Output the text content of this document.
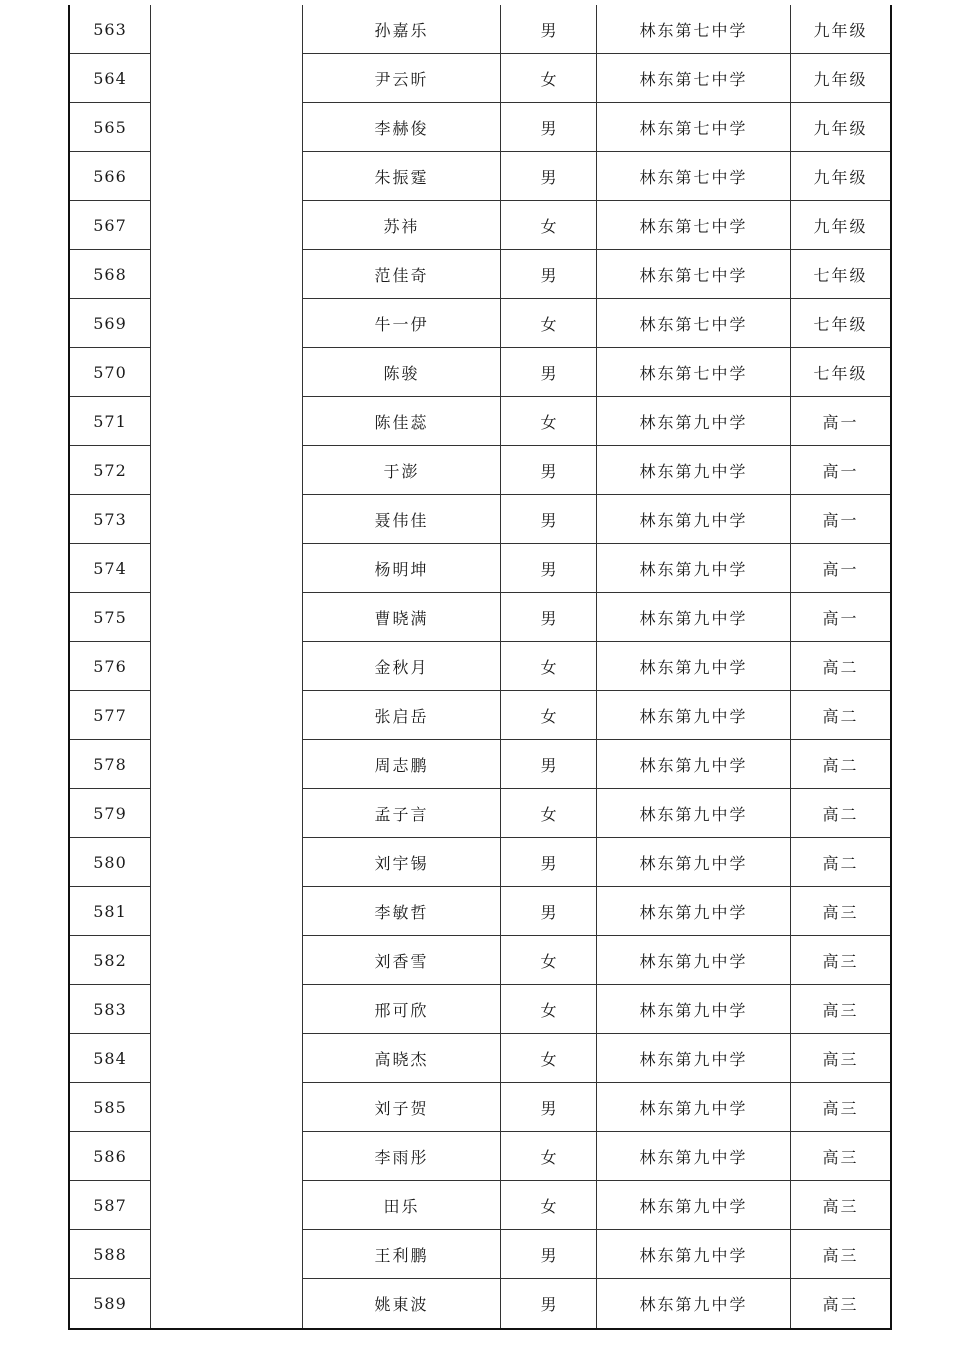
563		孙嘉乐	男	林东第七中学	九年级
564		尹云昕	女	林东第七中学	九年级
565		李赫俊	男	林东第七中学	九年级
566		朱振霆	男	林东第七中学	九年级
567		苏祎	女	林东第七中学	九年级
568		范佳奇	男	林东第七中学	七年级
569		牛一伊	女	林东第七中学	七年级
570		陈骏	男	林东第七中学	七年级
571		陈佳蕊	女	林东第九中学	高一
572		于澎	男	林东第九中学	高一
573		聂伟佳	男	林东第九中学	高一
574		杨明坤	男	林东第九中学	高一
575		曹晓满	男	林东第九中学	高一
576		金秋月	女	林东第九中学	高二
577		张启岳	女	林东第九中学	高二
578		周志鹏	男	林东第九中学	高二
579		孟子言	女	林东第九中学	高二
580		刘宇锡	男	林东第九中学	高二
581		李敏哲	男	林东第九中学	高三
582		刘香雪	女	林东第九中学	高三
583		邢可欣	女	林东第九中学	高三
584		高晓杰	女	林东第九中学	高三
585		刘子贺	男	林东第九中学	高三
586		李雨彤	女	林东第九中学	高三
587		田乐	女	林东第九中学	高三
588		王利鹏	男	林东第九中学	高三
589		姚東波	男	林东第九中学	高三
